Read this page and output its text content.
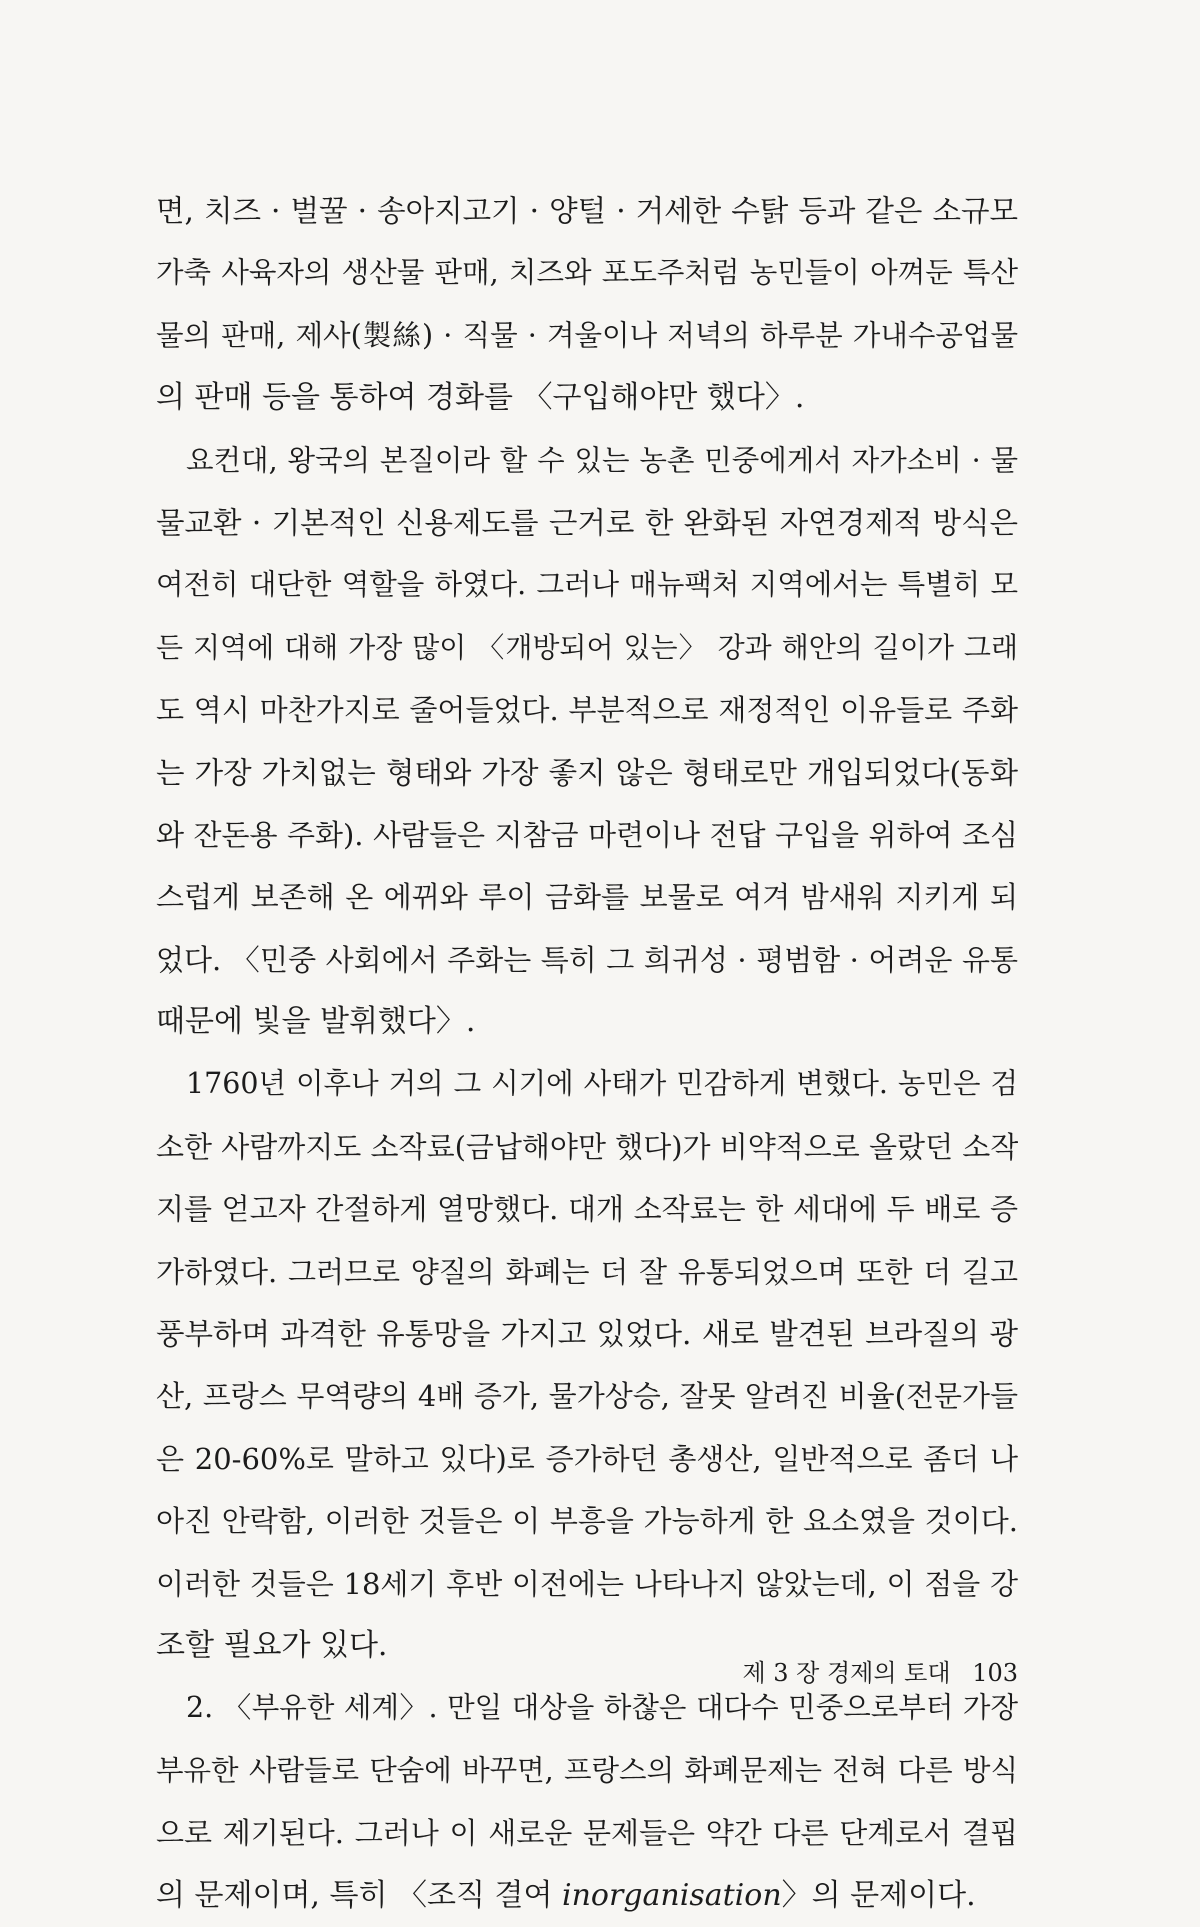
면, 치즈 · 벌꿀 · 송아지고기 · 양털 · 거세한 수탉 등과 같은 소규모
가축 사육자의 생산물 판매, 치즈와 포도주처럼 농민들이 아껴둔 특산
물의 판매, 제사(製絲) · 직물 · 겨울이나 저녁의 하루분 가내수공업물
의 판매 등을 통하여 경화를 〈구입해야만 했다〉.
요컨대, 왕국의 본질이라 할 수 있는 농촌 민중에게서 자가소비 · 물
물교환 · 기본적인 신용제도를 근거로 한 완화된 자연경제적 방식은
여전히 대단한 역할을 하였다. 그러나 매뉴팩처 지역에서는 특별히 모
든 지역에 대해 가장 많이 〈개방되어 있는〉 강과 해안의 길이가 그래
도 역시 마찬가지로 줄어들었다. 부분적으로 재정적인 이유들로 주화
는 가장 가치없는 형태와 가장 좋지 않은 형태로만 개입되었다(동화
와 잔돈용 주화). 사람들은 지참금 마련이나 전답 구입을 위하여 조심
스럽게 보존해 온 에뀌와 루이 금화를 보물로 여겨 밤새워 지키게 되
었다. 〈민중 사회에서 주화는 특히 그 희귀성 · 평범함 · 어려운 유통
때문에 빛을 발휘했다〉.
1760년 이후나 거의 그 시기에 사태가 민감하게 변했다. 농민은 검
소한 사람까지도 소작료(금납해야만 했다)가 비약적으로 올랐던 소작
지를 얻고자 간절하게 열망했다. 대개 소작료는 한 세대에 두 배로 증
가하였다. 그러므로 양질의 화폐는 더 잘 유통되었으며 또한 더 길고
풍부하며 과격한 유통망을 가지고 있었다. 새로 발견된 브라질의 광
산, 프랑스 무역량의 4배 증가, 물가상승, 잘못 알려진 비율(전문가들
은 20-60%로 말하고 있다)로 증가하던 총생산, 일반적으로 좀더 나
아진 안락함, 이러한 것들은 이 부흥을 가능하게 한 요소였을 것이다.
이러한 것들은 18세기 후반 이전에는 나타나지 않았는데, 이 점을 강
조할 필요가 있다.
2. 〈부유한 세계〉. 만일 대상을 하찮은 대다수 민중으로부터 가장
부유한 사람들로 단숨에 바꾸면, 프랑스의 화폐문제는 전혀 다른 방식
으로 제기된다. 그러나 이 새로운 문제들은 약간 다른 단계로서 결핍
의 문제이며, 특히 〈조직 결여 inorganisation〉의 문제이다.
제 3 장 경제의 토대 103
